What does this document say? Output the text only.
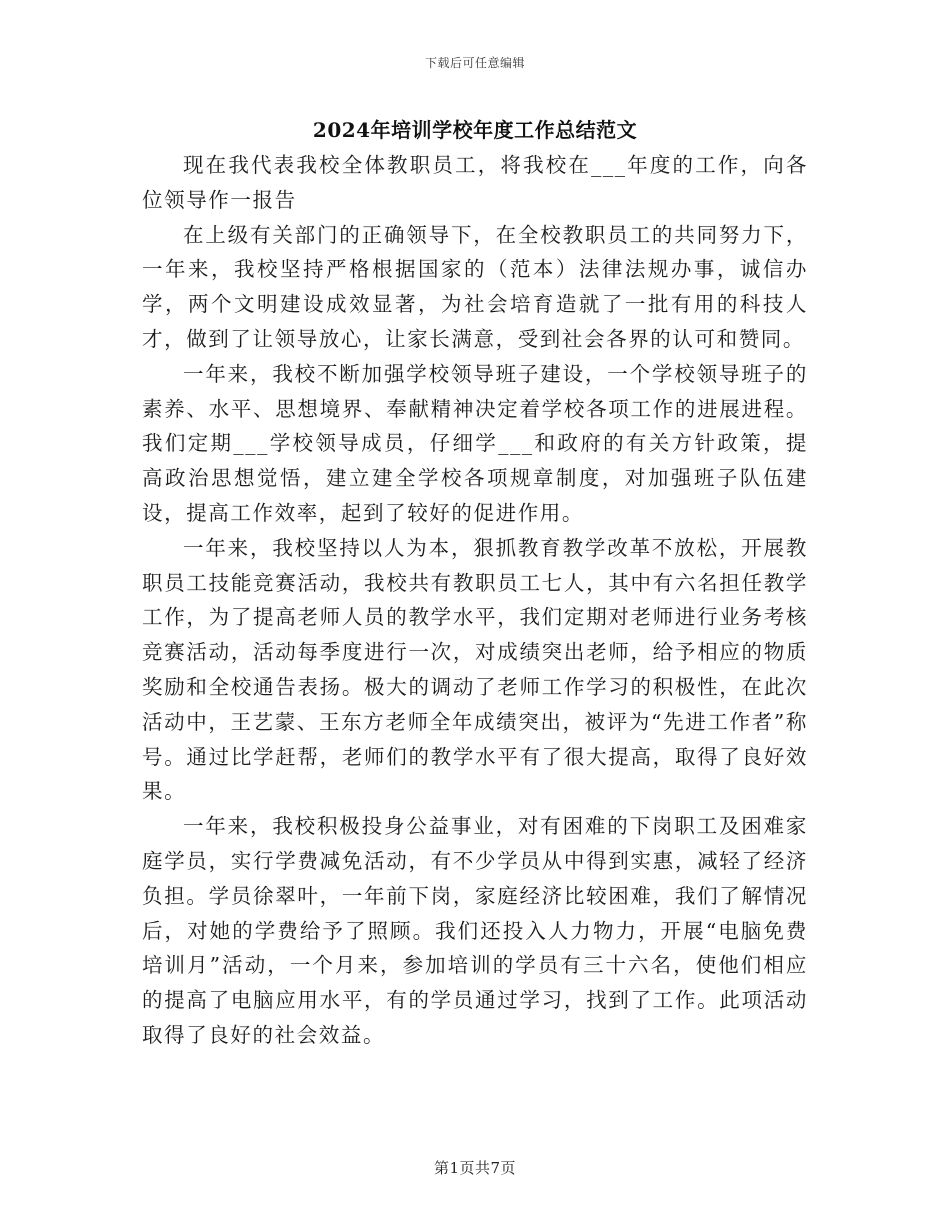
下载后可任意编辑
2024年培训学校年度工作总结范文

现在我代表我校全体教职员工，将我校在___年度的工作，向各位领导作一报告

在上级有关部门的正确领导下，在全校教职员工的共同努力下，一年来，我校坚持严格根据国家的（范本）法律法规办事，诚信办学，两个文明建设成效显著，为社会培育造就了一批有用的科技人才，做到了让领导放心，让家长满意，受到社会各界的认可和赞同。

一年来，我校不断加强学校领导班子建设，一个学校领导班子的素养、水平、思想境界、奉献精神决定着学校各项工作的进展进程。我们定期___学校领导成员，仔细学___和政府的有关方针政策，提高政治思想觉悟，建立建全学校各项规章制度，对加强班子队伍建设，提高工作效率，起到了较好的促进作用。

一年来，我校坚持以人为本，狠抓教育教学改革不放松，开展教职员工技能竞赛活动，我校共有教职员工七人，其中有六名担任教学工作，为了提高老师人员的教学水平，我们定期对老师进行业务考核竞赛活动，活动每季度进行一次，对成绩突出老师，给予相应的物质奖励和全校通告表扬。极大的调动了老师工作学习的积极性，在此次活动中，王艺蒙、王东方老师全年成绩突出，被评为“先进工作者”称号。通过比学赶帮，老师们的教学水平有了很大提高，取得了良好效果。

一年来，我校积极投身公益事业，对有困难的下岗职工及困难家庭学员，实行学费减免活动，有不少学员从中得到实惠，减轻了经济负担。学员徐翠叶，一年前下岗，家庭经济比较困难，我们了解情况后，对她的学费给予了照顾。我们还投入人力物力，开展“电脑免费培训月”活动，一个月来，参加培训的学员有三十六名，使他们相应的提高了电脑应用水平，有的学员通过学习，找到了工作。此项活动取得了良好的社会效益。

第1页共7页
